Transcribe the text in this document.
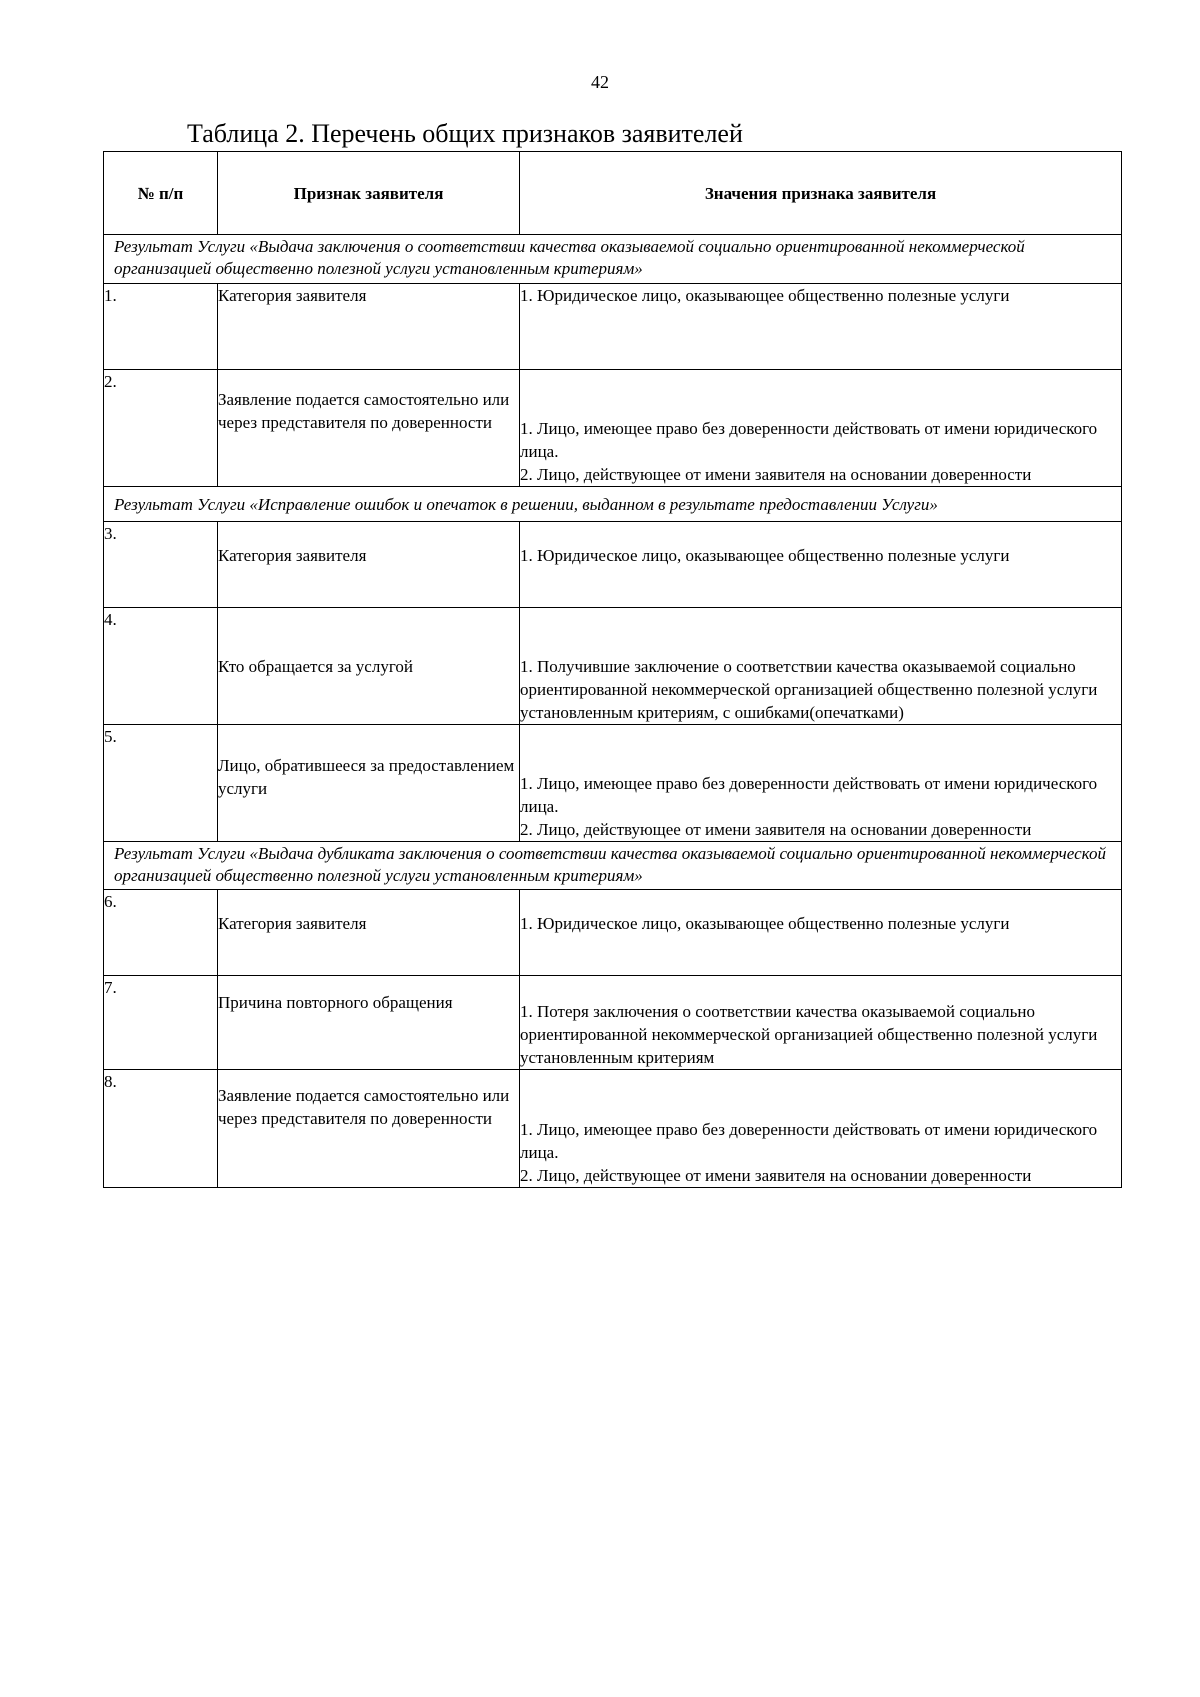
42
Таблица 2. Перечень общих признаков заявителей
№ п/п	Признак заявителя	Значения признака заявителя
Результат Услуги «Выдача заключения о соответствии качества оказываемой социально ориентированной некоммерческой организацией общественно полезной услуги установленным критериям»		
1.	Категория заявителя	1. Юридическое лицо, оказывающее общественно полезные услуги

2.	Заявление подается самостоятельно или через представителя по доверенности	1. Лицо, имеющее право без доверенности действовать от имени юридического лица.
2. Лицо, действующее от имени заявителя на основании доверенности

Результат Услуги «Исправление ошибок и опечаток в решении, выданном в результате предоставлении Услуги»		
3.	Категория заявителя	1. Юридическое лицо, оказывающее общественно полезные услуги

4.	Кто обращается за услугой	1. Получившие заключение о соответствии качества оказываемой социально ориентированной некоммерческой организацией общественно полезной услуги установленным критериям, с ошибками(опечатками)

5.	Лицо, обратившееся за предоставлением услуги	1. Лицо, имеющее право без доверенности действовать от имени юридического лица.
2. Лицо, действующее от имени заявителя на основании доверенности

Результат Услуги «Выдача дубликата заключения о соответствии качества оказываемой социально ориентированной некоммерческой организацией общественно полезной услуги установленным критериям»		
6.	Категория заявителя	1. Юридическое лицо, оказывающее общественно полезные услуги

7.	Причина повторного обращения	1. Потеря заключения о соответствии качества оказываемой социально ориентированной некоммерческой организацией общественно полезной услуги установленным критериям

8.	Заявление подается самостоятельно или через представителя по доверенности	1. Лицо, имеющее право без доверенности действовать от имени юридического лица.
2. Лицо, действующее от имени заявителя на основании доверенности
